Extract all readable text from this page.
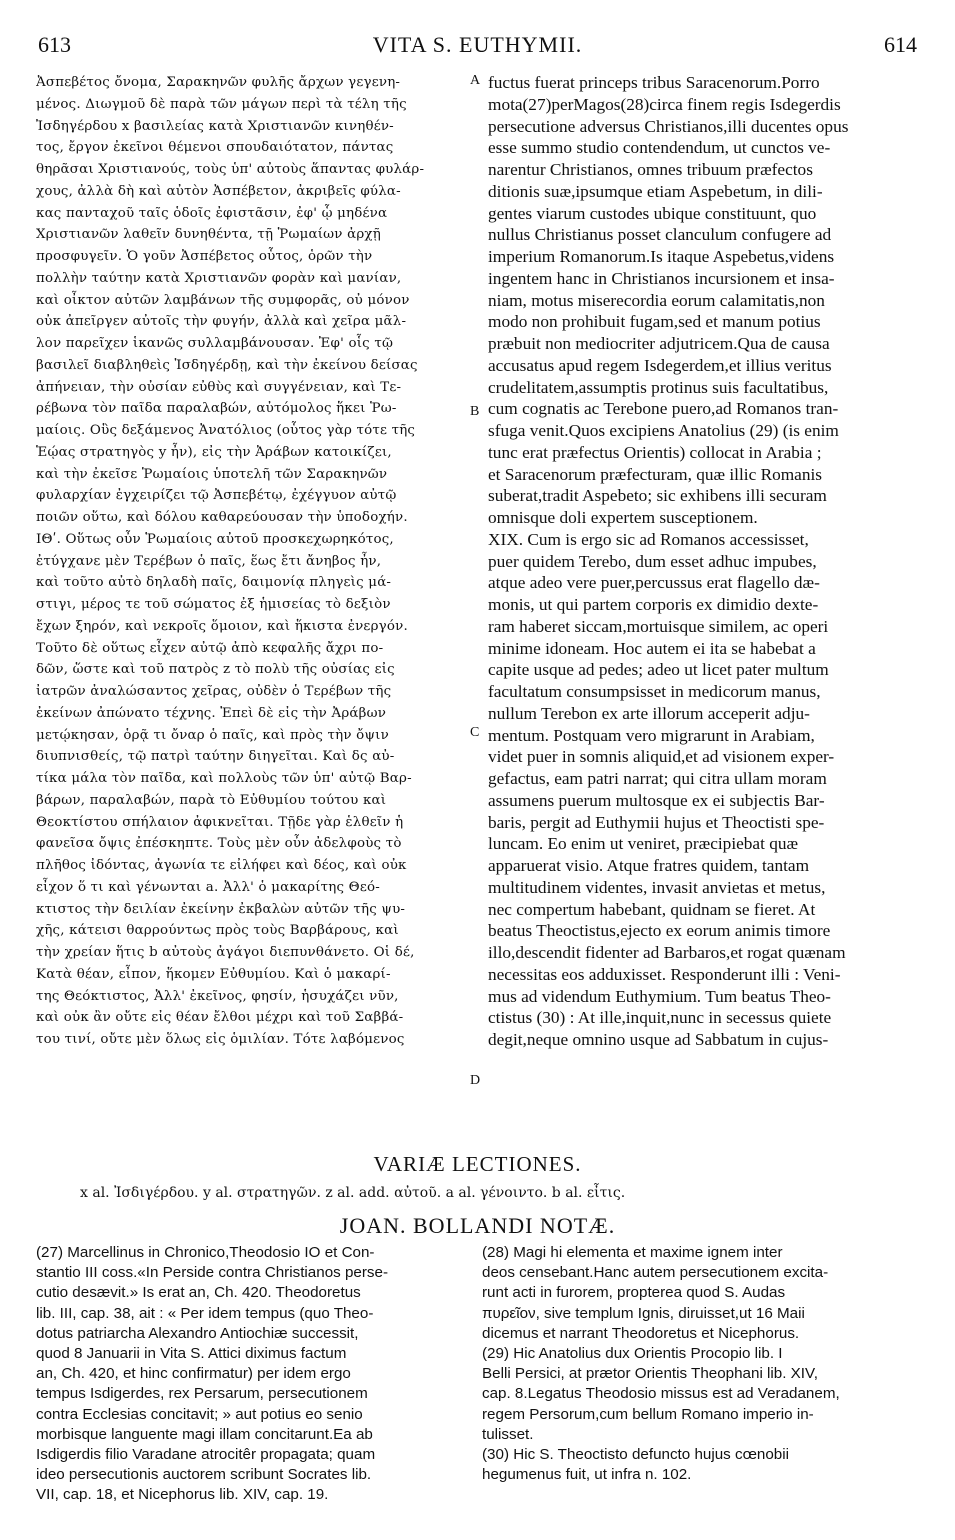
613	VITA S. EUTHYMII.	614
Ἀσπεβέτος ὄνομα, Σαρακηνῶν φυλῆς ἄρχων γεγενη-
μένος. Διωγμοῦ δὲ παρὰ τῶν μάγων περὶ τὰ τέλη τῆς
Ἰσδηγέρδου x βασιλείας κατὰ Χριστιανῶν κινηθέν-
τος, ἔργον ἐκεῖνοι θέμενοι σπουδαιότατον, πάντας
θηρᾶσαι Χριστιανούς, τοὺς ὑπ' αὐτοὺς ἅπαντας φυλάρ-
χους, ἀλλὰ δὴ καὶ αὐτὸν Ἀσπέβετον, ἀκριβεῖς φύλα-
κας πανταχοῦ ταῖς ὁδοῖς ἐφιστᾶσιν, ἐφ' ᾧ μηδένα
Χριστιανῶν λαθεῖν δυνηθέντα, τῇ Ῥωμαίων ἀρχῇ
προσφυγεῖν. Ὁ γοῦν Ἀσπέβετος οὗτος, ὁρῶν τὴν
πολλὴν ταύτην κατὰ Χριστιανῶν φορὰν καὶ μανίαν,
καὶ οἶκτον αὐτῶν λαμβάνων τῆς συμφορᾶς, οὐ μόνον
οὐκ ἀπεῖργεν αὐτοῖς τὴν φυγήν, ἀλλὰ καὶ χεῖρα μᾶλ-
λον παρεῖχεν ἱκανῶς συλλαμβάνουσαν. Ἐφ' οἷς τῷ
βασιλεῖ διαβληθεὶς Ἰσδηγέρδῃ, καὶ τὴν ἐκείνου δείσας
ἀπήνειαν, τὴν οὐσίαν εὐθὺς καὶ συγγένειαν, καὶ Τε-
ρέβωνα τὸν παῖδα παραλαβών, αὐτόμολος ἥκει Ῥω-
μαίοις. Οὓς δεξάμενος Ἀνατόλιος (οὗτος γὰρ τότε τῆς
Ἑῴας στρατηγὸς y ἦν), εἰς τὴν Ἀράβων κατοικίζει,
καὶ τὴν ἐκεῖσε Ῥωμαίοις ὑποτελῆ τῶν Σαρακηνῶν
φυλαρχίαν ἐγχειρίζει τῷ Ἀσπεβέτῳ, ἐχέγγυον αὐτῷ
ποιῶν οὕτω, καὶ δόλου καθαρεύουσαν τὴν ὑποδοχήν.
ΙΘʹ. Οὕτως οὖν Ῥωμαίοις αὐτοῦ προσκεχωρηκότος,
ἐτύγχανε μὲν Τερέβων ὁ παῖς, ἕως ἔτι ἄνηβος ἦν,
καὶ τοῦτο αὐτὸ δηλαδὴ παῖς, δαιμονίᾳ πληγεὶς μά-
στιγι, μέρος τε τοῦ σώματος ἐξ ἡμισείας τὸ δεξιὸν
ἔχων ξηρόν, καὶ νεκροῖς ὅμοιον, καὶ ἥκιστα ἐνεργόν.
Τοῦτο δὲ οὕτως εἶχεν αὐτῷ ἀπὸ κεφαλῆς ἄχρι πο-
δῶν, ὥστε καὶ τοῦ πατρὸς z τὸ πολὺ τῆς οὐσίας εἰς
ἰατρῶν ἀναλώσαντος χεῖρας, οὐδὲν ὁ Τερέβων τῆς
ἐκείνων ἀπώνατο τέχνης. Ἐπεὶ δὲ εἰς τὴν Ἀράβων
μετῴκησαν, ὁρᾷ τι ὄναρ ὁ παῖς, καὶ πρὸς τὴν ὄψιν
διυπνισθείς, τῷ πατρὶ ταύτην διηγεῖται. Καὶ δς αὐ-
τίκα μάλα τὸν παῖδα, καὶ πολλοὺς τῶν ὑπ' αὐτῷ Βαρ-
βάρων, παραλαβών, παρὰ τὸ Εὐθυμίου τούτου καὶ
Θεοκτίστου σπήλαιον ἀφικνεῖται. Τῇδε γὰρ ἑλθεῖν ἡ
φανεῖσα ὄψις ἐπέσκηπτε. Τοὺς μὲν οὖν ἀδελφοὺς τὸ
πλῆθος ἰδόντας, ἀγωνία τε εἰλήφει καὶ δέος, καὶ οὐκ
εἶχον ὅ τι καὶ γένωνται a. Ἀλλ' ὁ μακαρίτης Θεό-
κτιστος τὴν δειλίαν ἐκείνην ἐκβαλὼν αὐτῶν τῆς ψυ-
χῆς, κάτεισι θαρρούντως πρὸς τοὺς Βαρβάρους, καὶ
τὴν χρείαν ἥτις b αὐτοὺς ἀγάγοι διεπυνθάνετο. Οἱ δέ,
Κατὰ θέαν, εἶπον, ἥκομεν Εὐθυμίου. Καὶ ὁ μακαρί-
της Θεόκτιστος, Ἀλλ' ἐκεῖνος, φησίν, ἡσυχάζει νῦν,
καὶ οὐκ ἂν οὔτε εἰς θέαν ἔλθοι μέχρι καὶ τοῦ Σαββά-
του τινί, οὔτε μὲν ὅλως εἰς ὁμιλίαν. Τότε λαβόμενος
fuctus fuerat princeps tribus Saracenorum.Porro
mota(27)perMagos(28)circa finem regis Isdegerdis
persecutione adversus Christianos,illi ducentes opus
esse summo studio contendendum, ut cunctos ve-
narentur Christianos, omnes tribuum præfectos
ditionis suæ,ipsumque etiam Aspebetum, in dili-
gentes viarum custodes ubique constituunt, quo
nullus Christianus posset clanculum confugere ad
imperium Romanorum.Is itaque Aspebetus,videns
ingentem hanc in Christianos incursionem et insa-
niam, motus miserecordia eorum calamitatis,non
modo non prohibuit fugam,sed et manum potius
præbuit non mediocriter adjutricem.Qua de causa
accusatus apud regem Isdegerdem,et illius veritus
crudelitatem,assumptis protinus suis facultatibus,
cum cognatis ac Terebone puero,ad Romanos tran-
sfuga venit.Quos excipiens Anatolius (29) (is enim
tunc erat præfectus Orientis) collocat in Arabia ;
et Saracenorum præfecturam, quæ illic Romanis
suberat,tradit Aspebeto; sic exhibens illi securam
omnisque doli expertem susceptionem.
XIX. Cum is ergo sic ad Romanos accessisset,
puer quidem Terebo, dum esset adhuc impubes,
atque adeo vere puer,percussus erat flagello dæ-
monis, ut qui partem corporis ex dimidio dexte-
ram haberet siccam,mortuisque similem, ac operi
minime idoneam. Hoc autem ei ita se habebat a
capite usque ad pedes; adeo ut licet pater multum
facultatum consumpsisset in medicorum manus,
nullum Terebon ex arte illorum acceperit adju-
mentum. Postquam vero migrarunt in Arabiam,
videt puer in somnis aliquid,et ad visionem exper-
gefactus, eam patri narrat; qui citra ullam moram
assumens puerum multosque ex ei subjectis Bar-
baris, pergit ad Euthymii hujus et Theoctisti spe-
luncam. Eo enim ut veniret, præcipiebat quæ
apparuerat visio. Atque fratres quidem, tantam
multitudinem videntes, invasit anvietas et metus,
nec compertum habebant, quidnam se fieret. At
beatus Theoctistus,ejecto ex eorum animis timore
illo,descendit fidenter ad Barbaros,et rogat quænam
necessitas eos adduxisset. Responderunt illi : Veni-
mus ad videndum Euthymium. Tum beatus Theo-
ctistus (30) : At ille,inquit,nunc in secessus quiete
degit,neque omnino usque ad Sabbatum in cujus-
A
B
C
D
VARIÆ LECTIONES.
x al. Ἰσδιγέρδου. y al. στρατηγῶν. z al. add. αὐτοῦ. a al. γένοιντο. b al. εἶτις.
JOAN. BOLLANDI NOTÆ.
(27) Marcellinus in Chronico,Theodosio IO et Con-
stantio III coss.«In Perside contra Christianos perse-
cutio desævit.» Is erat an, Ch. 420. Theodoretus
lib. III, cap. 38, ait : « Per idem tempus (quo Theo-
dotus patriarcha Alexandro Antiochiæ successit,
quod 8 Januarii in Vita S. Attici diximus factum
an, Ch. 420, et hinc confirmatur) per idem ergo
tempus Isdigerdes, rex Persarum, persecutionem
contra Ecclesias concitavit; » aut potius eo senio
morbisque languente magi illam concitarunt.Ea ab
Isdigerdis filio Varadane atrocitêr propagata; quam
ideo persecutionis auctorem scribunt Socrates lib.
VII, cap. 18, et Nicephorus lib. XIV, cap. 19.
(28) Magi hi elementa et maxime ignem inter
deos censebant.Hanc autem persecutionem excita-
runt acti in furorem, propterea quod S. Audas
πυρεῖον, sive templum Ignis, diruisset,ut 16 Maii
dicemus et narrant Theodoretus et Nicephorus.
(29) Hic Anatolius dux Orientis Procopio lib. I
Belli Persici, at prætor Orientis Theophani lib. XIV,
cap. 8.Legatus Theodosio missus est ad Veradanem,
regem Persorum,cum bellum Romano imperio in-
tulisset.
(30) Hic S. Theoctisto defuncto hujus cœnobii
hegumenus fuit, ut infra n. 102.
